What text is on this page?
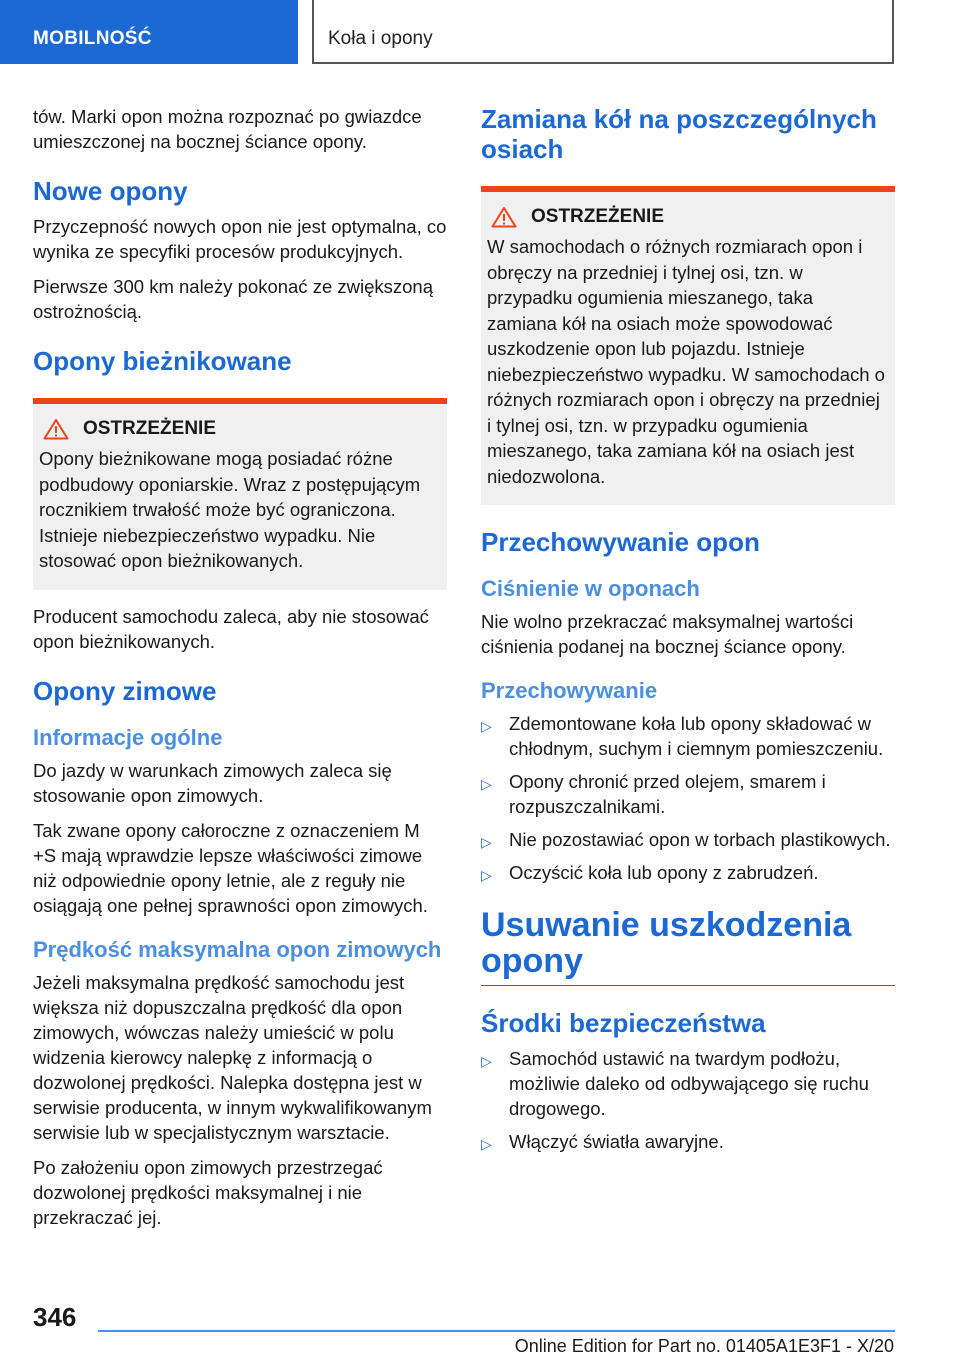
MOBILNOŚĆ	Koła i opony

tów. Marki opon można rozpoznać po gwiazdce umieszczonej na bocznej ściance opony.

Nowe opony

Przyczepność nowych opon nie jest optymalna, co wynika ze specyfiki procesów produkcyjnych.

Pierwsze 300 km należy pokonać ze zwiększoną ostrożnością.

Opony bieżnikowane
OSTRZEŻENIE
Opony bieżnikowane mogą posiadać różne podbudowy oponiarskie. Wraz z postępującym rocznikiem trwałość może być ograniczona. Istnieje niebezpieczeństwo wypadku. Nie stosować opon bieżnikowanych.

Producent samochodu zaleca, aby nie stosować opon bieżnikowanych.

Opony zimowe
Informacje ogólne

Do jazdy w warunkach zimowych zaleca się stosowanie opon zimowych.

Tak zwane opony całoroczne z oznaczeniem M +S mają wprawdzie lepsze właściwości zimowe niż odpowiednie opony letnie, ale z reguły nie osiągają one pełnej sprawności opon zimowych.

Prędkość maksymalna opon zimowych

Jeżeli maksymalna prędkość samochodu jest większa niż dopuszczalna prędkość dla opon zimowych, wówczas należy umieścić w polu widzenia kierowcy nalepkę z informacją o dozwolonej prędkości. Nalepka dostępna jest w serwisie producenta, w innym wykwalifikowanym serwisie lub w specjalistycznym warsztacie.

Po założeniu opon zimowych przestrzegać dozwolonej prędkości maksymalnej i nie przekraczać jej.

Zamiana kół na poszczególnych osiach
OSTRZEŻENIE
W samochodach o różnych rozmiarach opon i obręczy na przedniej i tylnej osi, tzn. w przypadku ogumienia mieszanego, taka zamiana kół na osiach może spowodować uszkodzenie opon lub pojazdu. Istnieje niebezpieczeństwo wypadku. W samochodach o różnych rozmiarach opon i obręczy na przedniej i tylnej osi, tzn. w przypadku ogumienia mieszanego, taka zamiana kół na osiach jest niedozwolona.
Przechowywanie opon
Ciśnienie w oponach

Nie wolno przekraczać maksymalnej wartości ciśnienia podanej na bocznej ściance opony.

Przechowywanie
▷ Zdemontowane koła lub opony składować w chłodnym, suchym i ciemnym pomieszczeniu.
▷ Opony chronić przed olejem, smarem i rozpuszczalnikami.
▷ Nie pozostawiać opon w torbach plastikowych.
▷ Oczyścić koła lub opony z zabrudzeń.
Usuwanie uszkodzenia opony
Środki bezpieczeństwa
▷ Samochód ustawić na twardym podłożu, możliwie daleko od odbywającego się ruchu drogowego.
▷ Włączyć światła awaryjne.
346
Online Edition for Part no. 01405A1E3F1 - X/20
